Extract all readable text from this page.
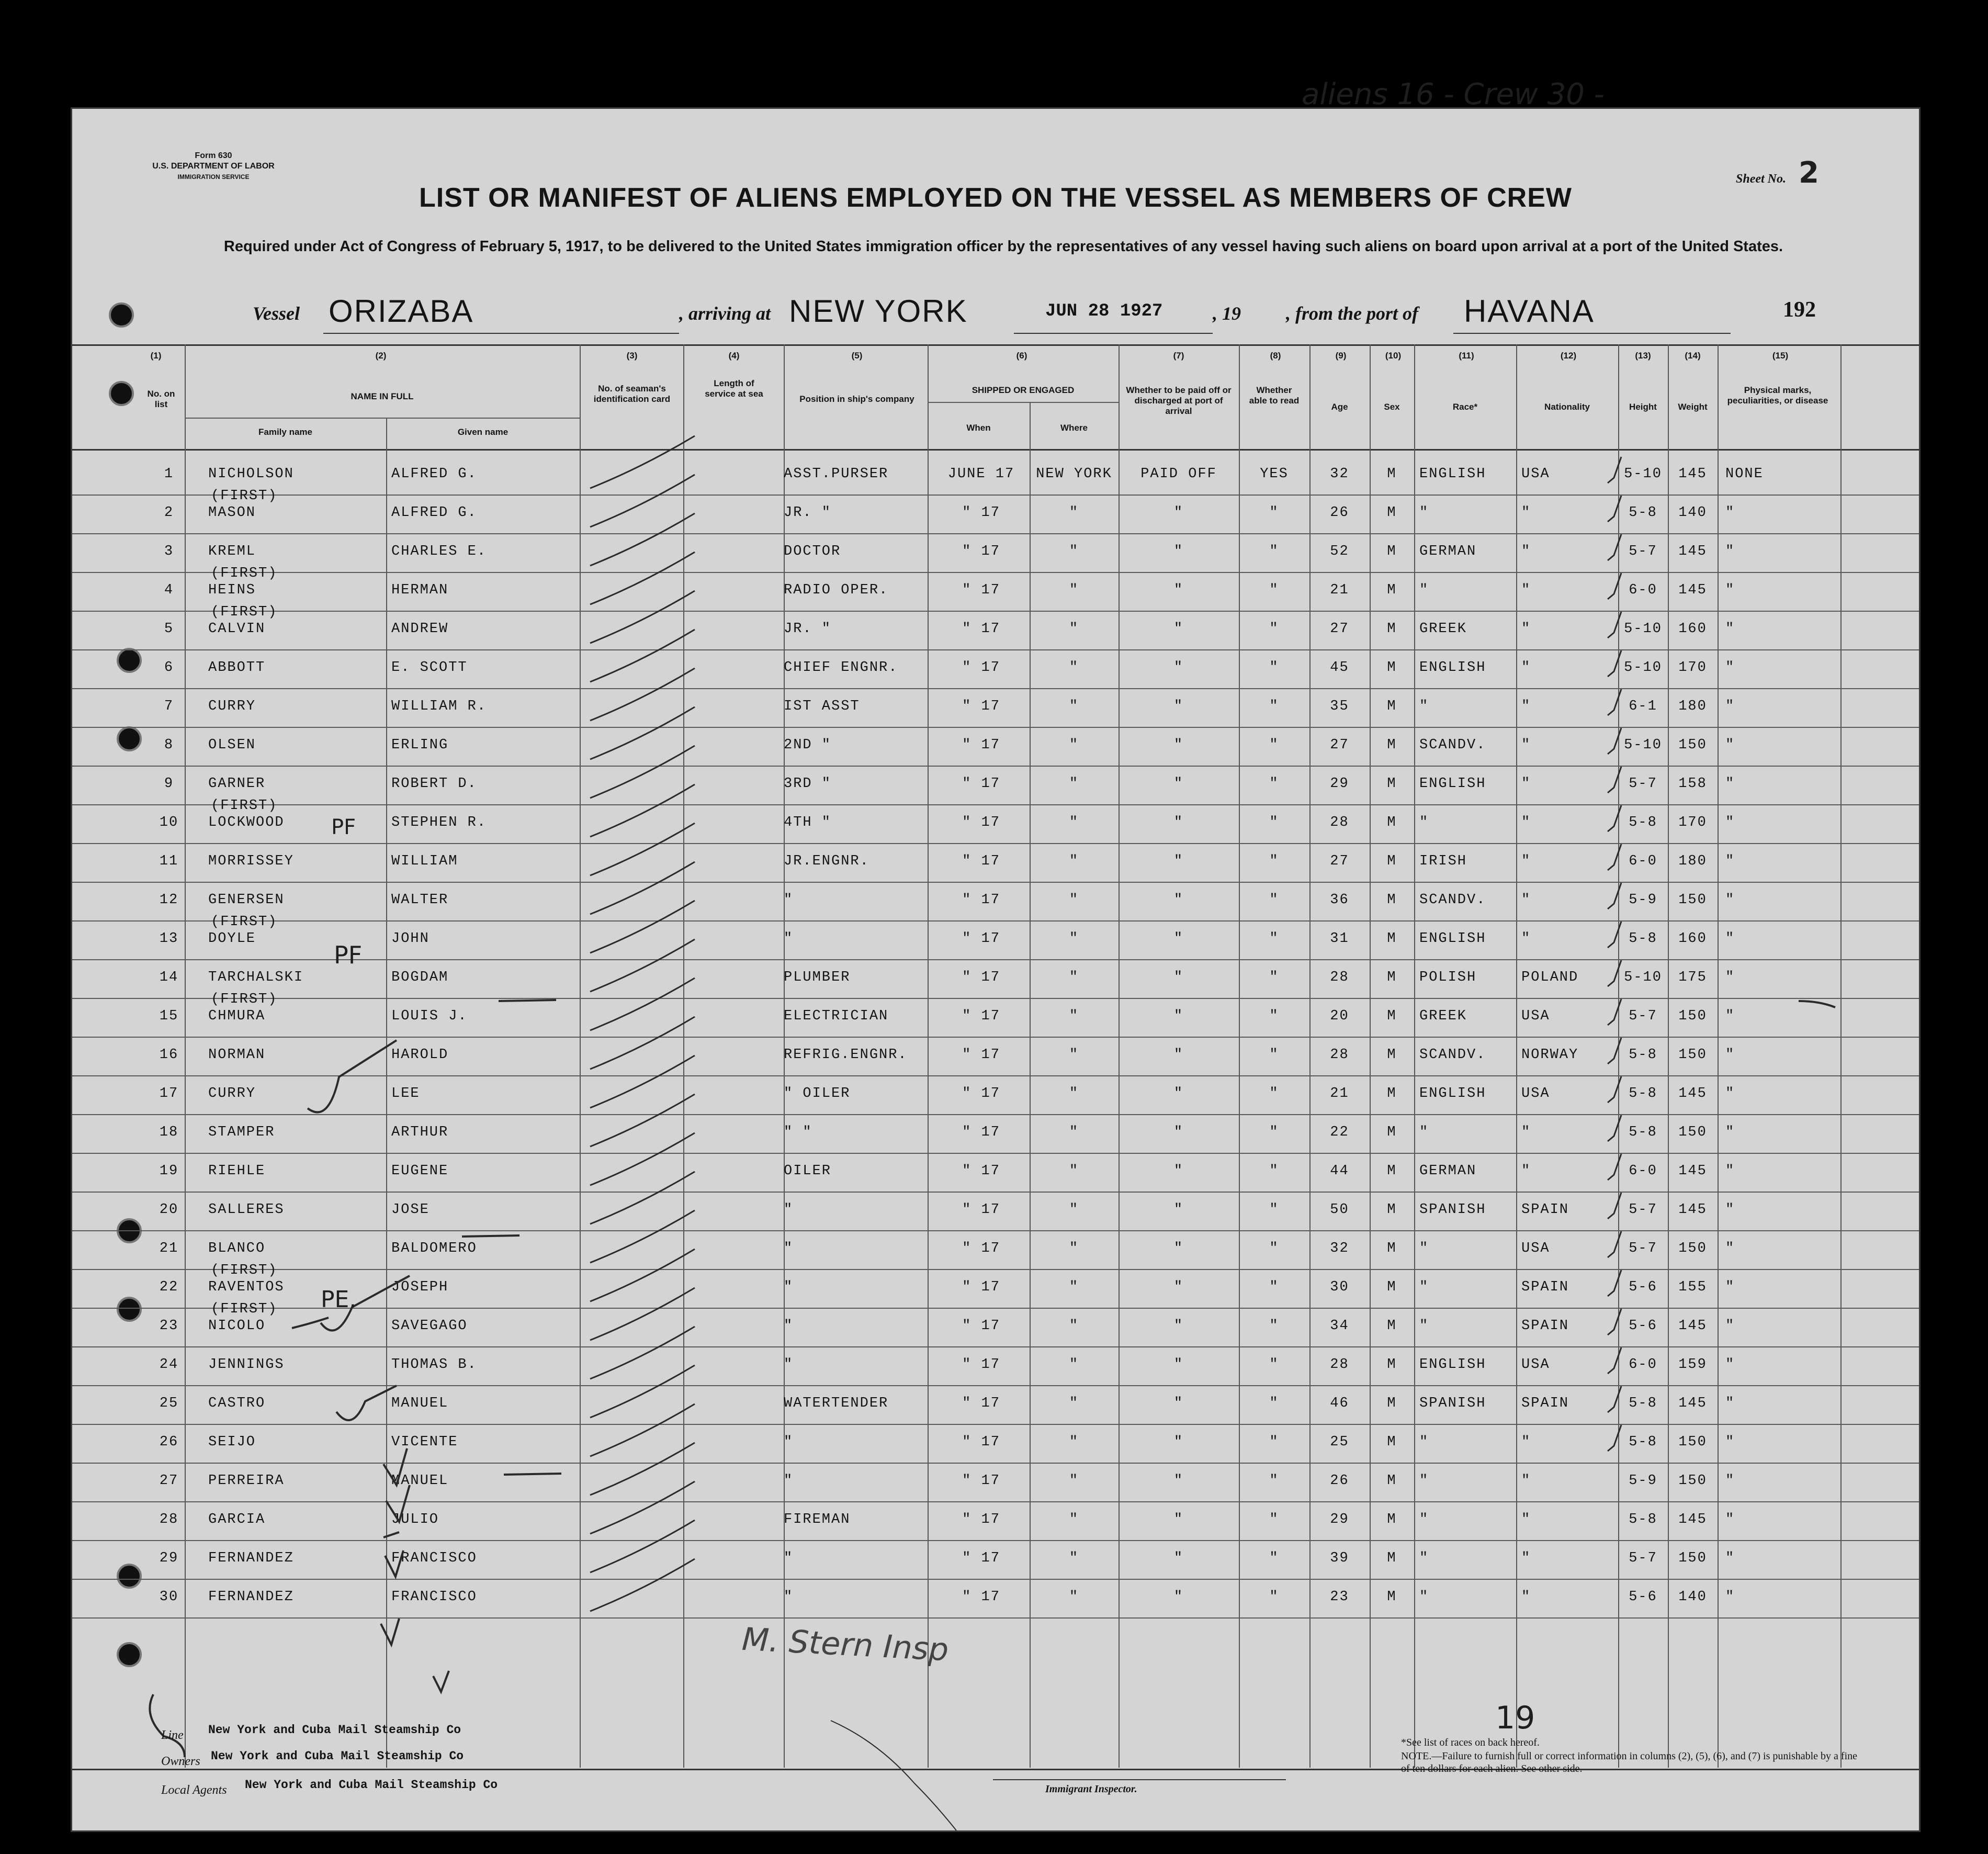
Form 630
U.S. DEPARTMENT OF LABOR
IMMIGRATION SERVICE
aliens 16 - Crew 30 -
Sheet No. 2
LIST OR MANIFEST OF ALIENS EMPLOYED ON THE VESSEL AS MEMBERS OF CREW
Required under Act of Congress of February 5, 1917, to be delivered to the United States immigration officer by the representatives of any vessel having such aliens on board upon arrival at a port of the United States.
Vessel ORIZABA	, arriving at NEW YORK	JUN 28 1927	, 19 , from the port of HAVANA	192
(1)	(2)	(3)	(4)	(5)	(6)	(7)	(8)	(9)	(10)	(11)	(12)	(13)	(14)	(15)
No. on list
NAME IN FULL
Family name	Given name
No. of seaman's identification card
Length of service at sea
Position in ship's company
SHIPPED OR ENGAGED
When	Where
Whether to be paid off or discharged at port of arrival
Whether able to read
Age	Sex	Race*	Nationality	Height	Weight
Physical marks, peculiarities, or disease
1	NICHOLSON	ALFRED G.	ASST.PURSER	JUNE 17	NEW YORK	PAID OFF	YES	32	M	ENGLISH	USA	5-10	145	NONE
(FIRST)
2	MASON	ALFRED G.	JR. "	" 17	"	"	"	26	M	"	"	5-8	140	"
3	KREML	CHARLES E.	DOCTOR	" 17	"	"	"	52	M	GERMAN	"	5-7	145	"
(FIRST)
4	HEINS	HERMAN	RADIO OPER.	" 17	"	"	"	21	M	"	"	6-0	145	"
(FIRST)
5	CALVIN	ANDREW	JR. "	" 17	"	"	"	27	M	GREEK	"	5-10	160	"
6	ABBOTT	E. SCOTT	CHIEF ENGNR.	" 17	"	"	"	45	M	ENGLISH	"	5-10	170	"
7	CURRY	WILLIAM R.	IST ASST	" 17	"	"	"	35	M	"	"	6-1	180	"
8	OLSEN	ERLING	2ND "	" 17	"	"	"	27	M	SCANDV.	"	5-10	150	"
9	GARNER	ROBERT D.	3RD "	" 17	"	"	"	29	M	ENGLISH	"	5-7	158	"
(FIRST)
10	LOCKWOOD	STEPHEN R.	4TH "	" 17	"	"	"	28	M	"	"	5-8	170	"
11	MORRISSEY	WILLIAM	JR.ENGNR.	" 17	"	"	"	27	M	IRISH	"	6-0	180	"
12	GENERSEN	WALTER	"	" 17	"	"	"	36	M	SCANDV.	"	5-9	150	"
(FIRST)
13	DOYLE	JOHN	"	" 17	"	"	"	31	M	ENGLISH	"	5-8	160	"
14	TARCHALSKI	BOGDAM	PLUMBER	" 17	"	"	"	28	M	POLISH	POLAND	5-10	175	"
(FIRST)
15	CHMURA	LOUIS J.	ELECTRICIAN	" 17	"	"	"	20	M	GREEK	USA	5-7	150	"
16	NORMAN	HAROLD	REFRIG.ENGNR.	" 17	"	"	"	28	M	SCANDV.	NORWAY	5-8	150	"
17	CURRY	LEE	" OILER	" 17	"	"	"	21	M	ENGLISH	USA	5-8	145	"
18	STAMPER	ARTHUR	" "	" 17	"	"	"	22	M	"	"	5-8	150	"
19	RIEHLE	EUGENE	OILER	" 17	"	"	"	44	M	GERMAN	"	6-0	145	"
20	SALLERES	JOSE	"	" 17	"	"	"	50	M	SPANISH	SPAIN	5-7	145	"
21	BLANCO	BALDOMERO	"	" 17	"	"	"	32	M	"	USA	5-7	150	"
(FIRST)
22	RAVENTOS	JOSEPH	"	" 17	"	"	"	30	M	"	SPAIN	5-6	155	"
(FIRST)
23	NICOLO	SAVEGAGO	"	" 17	"	"	"	34	M	"	SPAIN	5-6	145	"
24	JENNINGS	THOMAS B.	"	" 17	"	"	"	28	M	ENGLISH	USA	6-0	159	"
25	CASTRO	MANUEL	WATERTENDER	" 17	"	"	"	46	M	SPANISH	SPAIN	5-8	145	"
26	SEIJO	VICENTE	"	" 17	"	"	"	25	M	"	"	5-8	150	"
27	PERREIRA	MANUEL	"	" 17	"	"	"	26	M	"	"	5-9	150	"
28	GARCIA	JULIO	FIREMAN	" 17	"	"	"	29	M	"	"	5-8	145	"
29	FERNANDEZ	FRANCISCO	"	" 17	"	"	"	39	M	"	"	5-7	150	"
30	FERNANDEZ	FRANCISCO	"	" 17	"	"	"	23	M	"	"	5-6	140	"
PF
PF
PE.
M. Stern Insp
19
Line New York and Cuba Mail Steamship Co
Owners New York and Cuba Mail Steamship Co
Local Agents New York and Cuba Mail Steamship Co	Immigrant Inspector.
*See list of races on back hereof.
NOTE.—Failure to furnish full or correct information in columns (2), (5), (6), and (7) is punishable by a fine of ten dollars for each alien. See other side.
